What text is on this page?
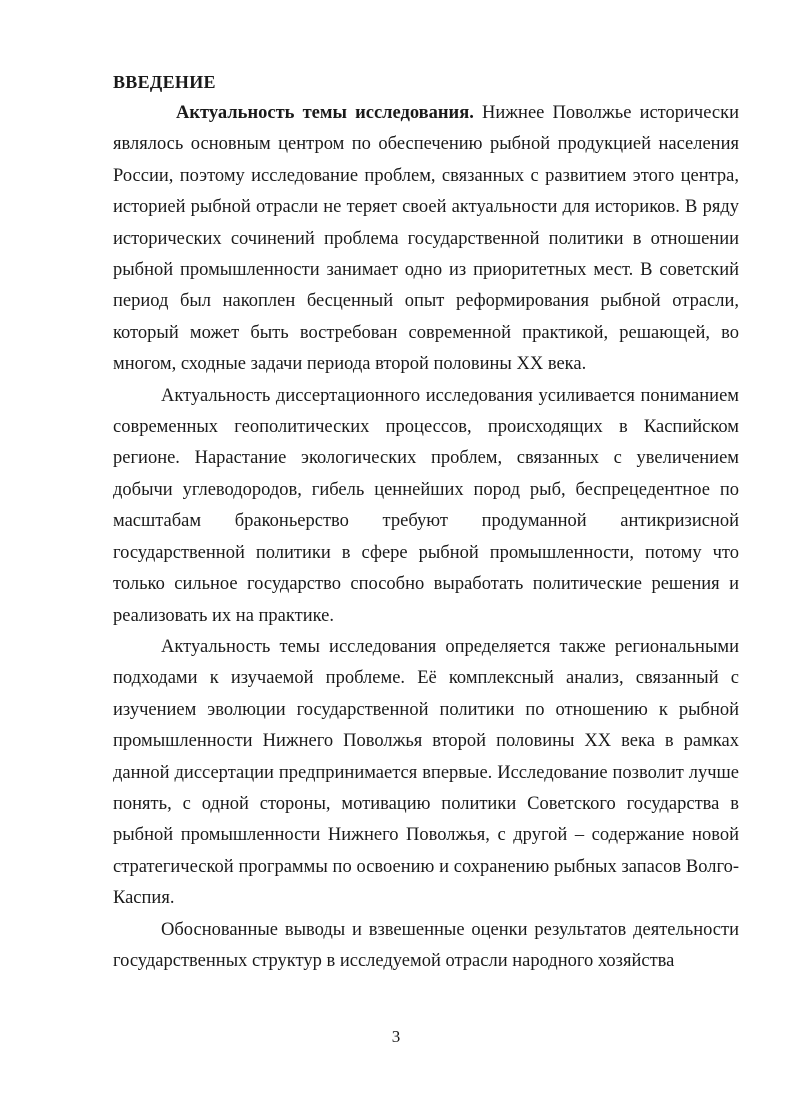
ВВЕДЕНИЕ

Актуальность темы исследования. Нижнее Поволжье исторически являлось основным центром по обеспечению рыбной продукцией населения России, поэтому исследование проблем, связанных с развитием этого центра, историей рыбной отрасли не теряет своей актуальности для историков. В ряду исторических сочинений проблема государственной политики в отношении рыбной промышленности занимает одно из приоритетных мест. В советский период был накоплен бесценный опыт реформирования рыбной отрасли, который может быть востребован современной практикой, решающей, во многом, сходные задачи периода второй половины XX века.

Актуальность диссертационного исследования усиливается пониманием современных геополитических процессов, происходящих в Каспийском регионе. Нарастание экологических проблем, связанных с увеличением добычи углеводородов, гибель ценнейших пород рыб, беспрецедентное по масштабам браконьерство требуют продуманной антикризисной государственной политики в сфере рыбной промышленности, потому что только сильное государство способно выработать политические решения и реализовать их на практике.

Актуальность темы исследования определяется также региональными подходами к изучаемой проблеме. Её комплексный анализ, связанный с изучением эволюции государственной политики по отношению к рыбной промышленности Нижнего Поволжья второй половины XX века в рамках данной диссертации предпринимается впервые. Исследование позволит лучше понять, с одной стороны, мотивацию политики Советского государства в рыбной промышленности Нижнего Поволжья, с другой – содержание новой стратегической программы по освоению и сохранению рыбных запасов Волго-Каспия.

Обоснованные выводы и взвешенные оценки результатов деятельности государственных структур в исследуемой отрасли народного хозяйства

3
